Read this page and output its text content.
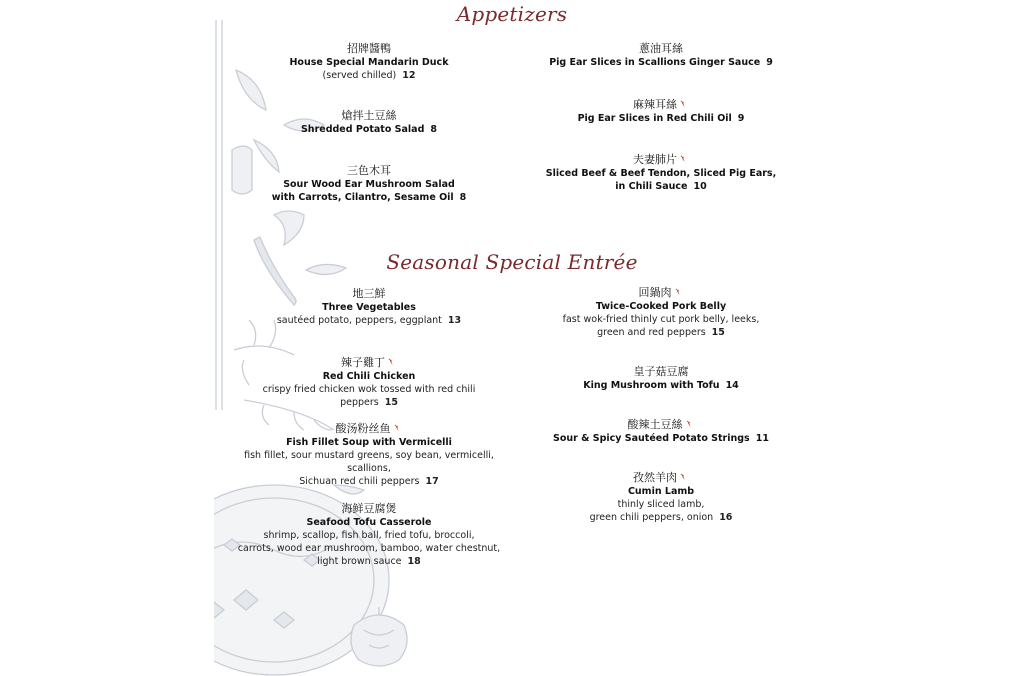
Appetizers
招牌醬鴨
House Special Mandarin Duck
(served chilled) 12
熗拌土豆絲
Shredded Potato Salad 8
三色木耳
Sour Wood Ear Mushroom Salad
with Carrots, Cilantro, Sesame Oil 8
蔥油耳絲
Pig Ear Slices in Scallions Ginger Sauce 9
麻辣耳絲
Pig Ear Slices in Red Chili Oil 9
夫妻肺片
Sliced Beef & Beef Tendon, Sliced Pig Ears,
in Chili Sauce 10
Seasonal Special Entrée
地三鮮
Three Vegetables
sautéed potato, peppers, eggplant 13
辣子雞丁
Red Chili Chicken
crispy fried chicken wok tossed with red chili peppers 15
酸汤粉丝鱼
Fish Fillet Soup with Vermicelli
fish fillet, sour mustard greens, soy bean, vermicelli, scallions,
Sichuan red chili peppers 17
海鲜豆腐煲
Seafood Tofu Casserole
shrimp, scallop, fish ball, fried tofu, broccoli,
carrots, wood ear mushroom, bamboo, water chestnut,
light brown sauce 18
回鍋肉
Twice-Cooked Pork Belly
fast wok-fried thinly cut pork belly, leeks,
green and red peppers 15
皇子菇豆腐
King Mushroom with Tofu 14
酸辣土豆絲
Sour & Spicy Sautéed Potato Strings 11
孜然羊肉
Cumin Lamb
thinly sliced lamb,
green chili peppers, onion 16
